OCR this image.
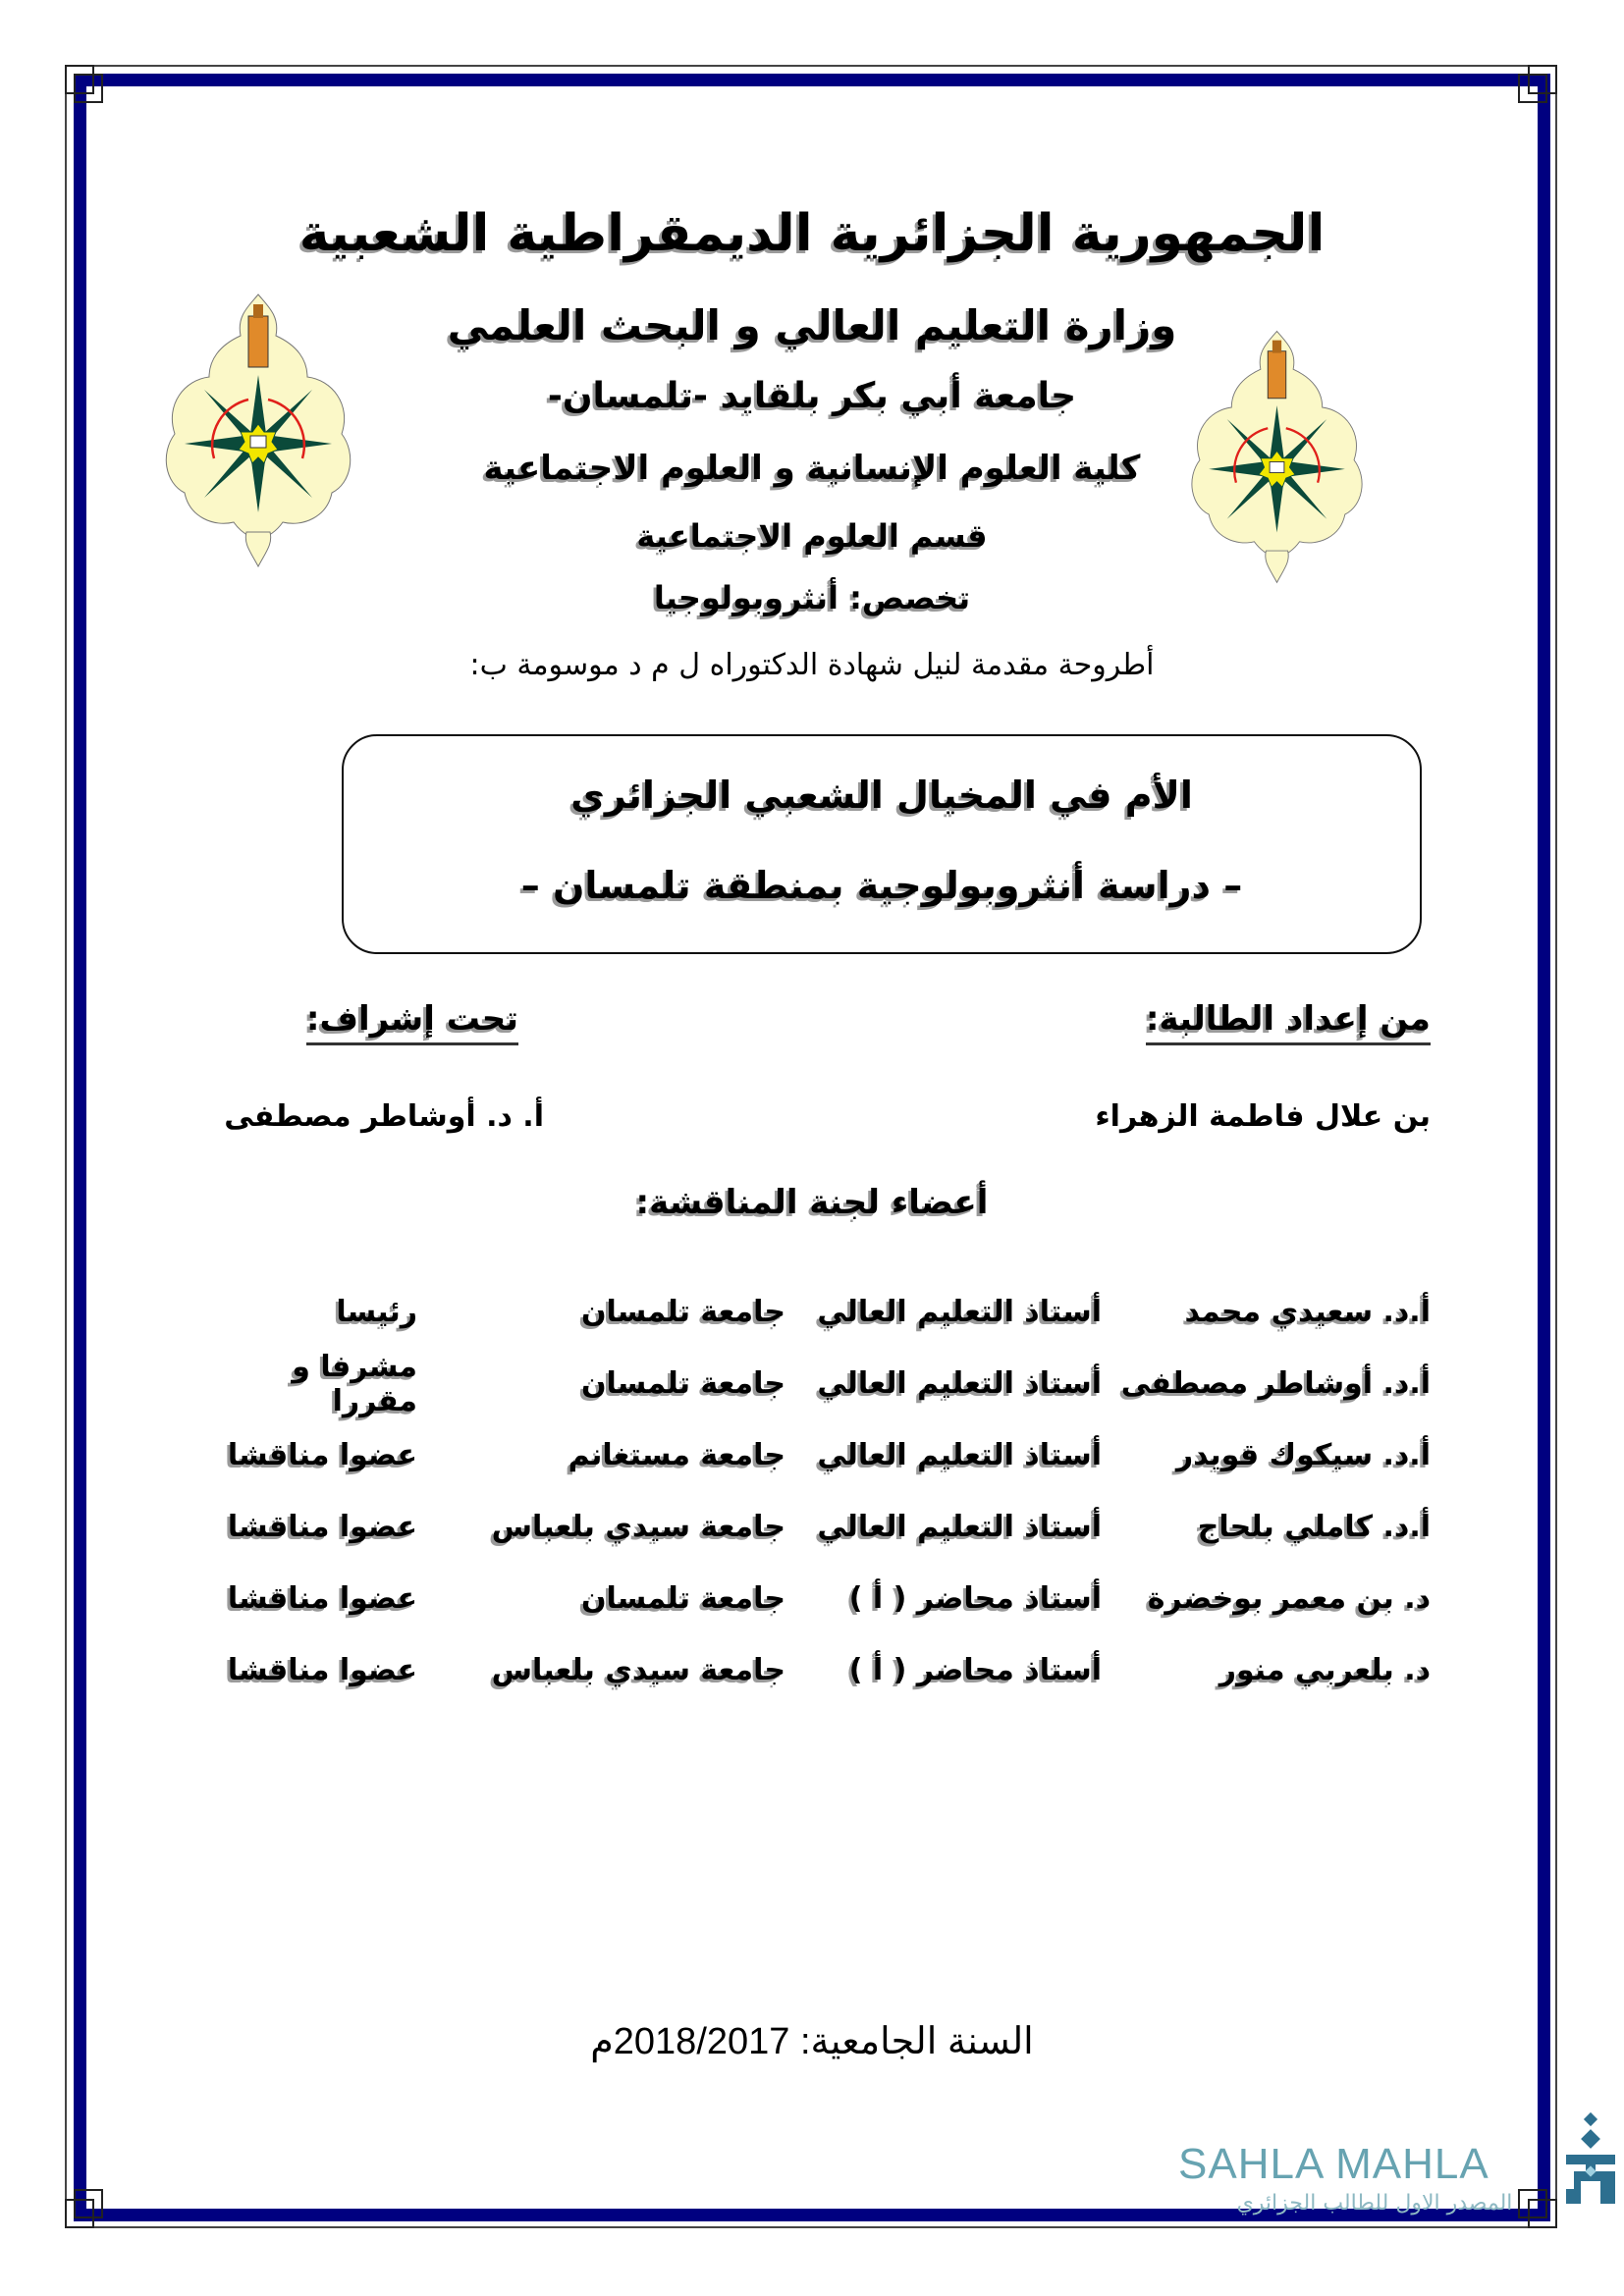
الجمهورية الجزائرية الديمقراطية الشعبية
وزارة التعليم العالي و البحث العلمي
جامعة أبي بكر بلقايد -تلمسان-
كلية العلوم الإنسانية و العلوم الاجتماعية
قسم العلوم الاجتماعية
تخصص: أنثروبولوجيا
أطروحة مقدمة لنيل شهادة الدكتوراه ل م د موسومة ب:
الأم في المخيال الشعبي الجزائري
– دراسة أنثروبولوجية بمنطقة تلمسان –
من إعداد الطالبة:
تحت إشراف:
بن علال فاطمة الزهراء
أ. د. أوشاطر مصطفى
أعضاء لجنة المناقشة:
أ.د. سعيدي محمد
أستاذ التعليم العالي
جامعة تلمسان
رئيسا
أ.د. أوشاطر مصطفى
أستاذ التعليم العالي
جامعة تلمسان
مشرفا و مقررا
أ.د. سيكوك قويدر
أستاذ التعليم العالي
جامعة مستغانم
عضوا مناقشا
أ.د. كاملي بلحاج
أستاذ التعليم العالي
جامعة سيدي بلعباس
عضوا مناقشا
د. بن معمر بوخضرة
أستاذ محاضر ( أ )
جامعة تلمسان
عضوا مناقشا
د. بلعربي منور
أستاذ محاضر ( أ )
جامعة سيدي بلعباس
عضوا مناقشا
السنة الجامعية: 2018/2017م
SAHLA MAHLA
المصدر الاول للطالب الجزائري
